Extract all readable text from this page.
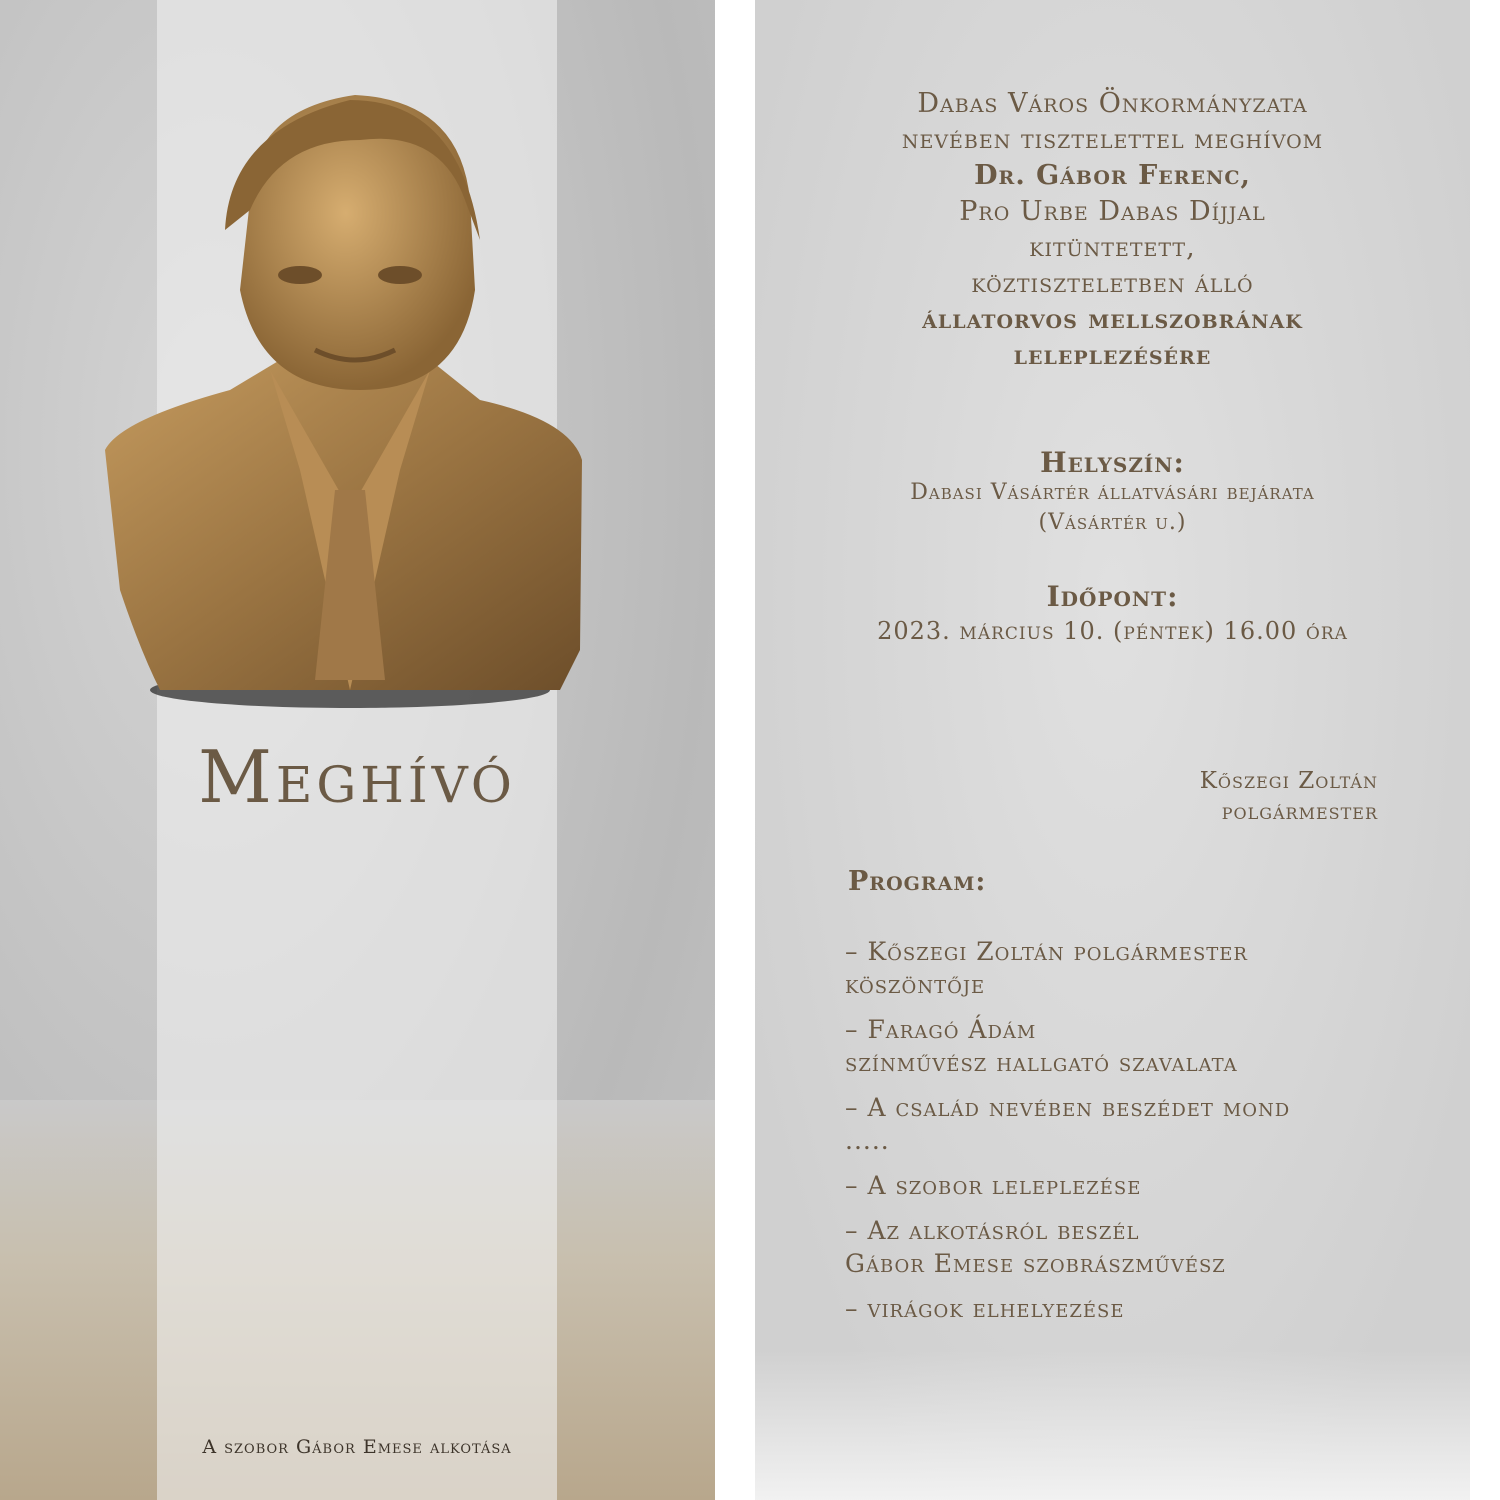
Meghívó
A szobor Gábor Emese alkotása
Dabas Város Önkormányzata
nevében tisztelettel meghívom
Dr. Gábor Ferenc,
Pro Urbe Dabas Díjjal
kitüntetett,
köztiszteletben álló
állatorvos mellszobrának
leleplezésére
Helyszín:
Dabasi Vásártér állatvásári bejárata
(Vásártér u.)
Időpont:
2023. március 10. (péntek) 16.00 óra
Kőszegi Zoltán
polgármester
Program:
– Kőszegi Zoltán polgármester
köszöntője
– Faragó Ádám
színművész hallgató szavalata
– A család nevében beszédet mond
.....
– A szobor leleplezése
– Az alkotásról beszél
Gábor Emese szobrászművész
– virágok elhelyezése
